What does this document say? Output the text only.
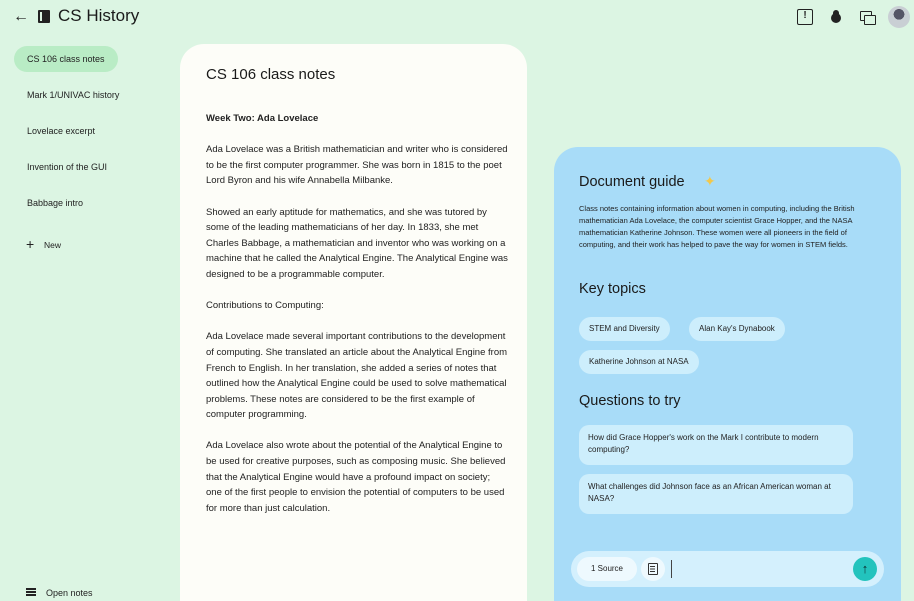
← CS History	!
CS 106 class notes
Mark 1/UNIVAC history
Lovelace excerpt
Invention of the GUI
Babbage intro
+ New
Open notes
CS 106 class notes
Week Two: Ada Lovelace
Ada Lovelace was a British mathematician and writer who is considered to be the first computer programmer. She was born in 1815 to the poet Lord Byron and his wife Annabella Milbanke.
Showed an early aptitude for mathematics, and she was tutored by some of the leading mathematicians of her day. In 1833, she met Charles Babbage, a mathematician and inventor who was working on a machine that he called the Analytical Engine. The Analytical Engine was designed to be a programmable computer.
Contributions to Computing:
Ada Lovelace made several important contributions to the development of computing. She translated an article about the Analytical Engine from French to English. In her translation, she added a series of notes that outlined how the Analytical Engine could be used to solve mathematical problems. These notes are considered to be the first example of computer programming.
Ada Lovelace also wrote about the potential of the Analytical Engine to be used for creative purposes, such as composing music. She believed that the Analytical Engine would have a profound impact on society; one of the first people to envision the potential of computers to be used for more than just calculation.
Document guide ✦
Class notes containing information about women in computing, including the British mathematician Ada Lovelace, the computer scientist Grace Hopper, and the NASA mathematician Katherine Johnson. These women were all pioneers in the field of computing, and their work has helped to pave the way for women in STEM fields.
Key topics
STEM and Diversity	Alan Kay's Dynabook
Katherine Johnson at NASA
Questions to try
How did Grace Hopper's work on the Mark I contribute to modern computing?
What challenges did Johnson face as an African American woman at NASA?
1 Source	↑
